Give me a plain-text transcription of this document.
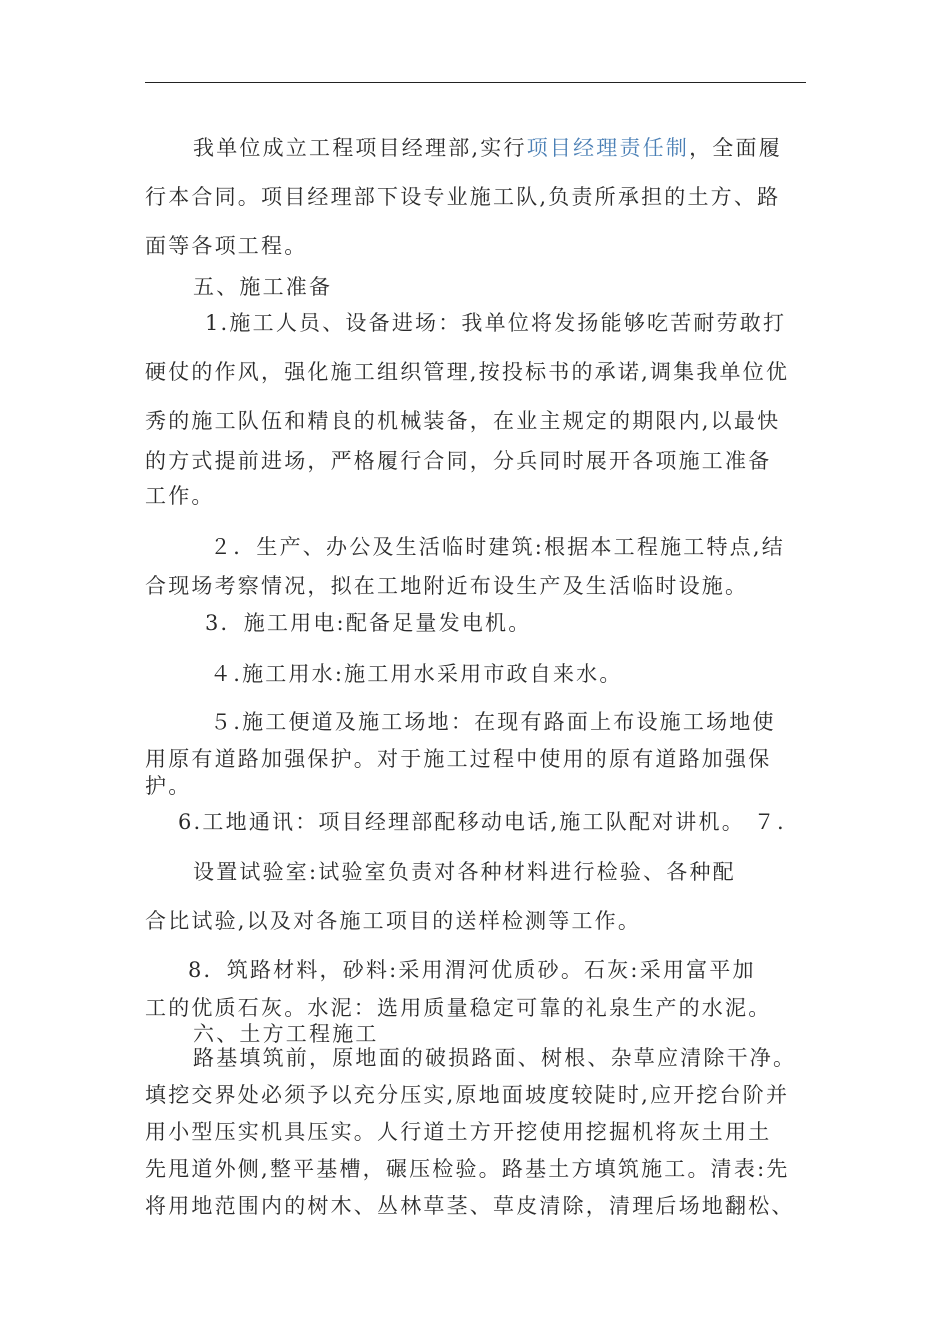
我单位成立工程项目经理部,实行项目经理责任制，全面履
行本合同。项目经理部下设专业施工队,负责所承担的土方、路
面等各项工程。
五、施工准备
1.施工人员、设备进场：我单位将发扬能够吃苦耐劳敢打
硬仗的作风，强化施工组织管理,按投标书的承诺,调集我单位优
秀的施工队伍和精良的机械装备，在业主规定的期限内,以最快
的方式提前进场，严格履行合同，分兵同时展开各项施工准备
工作。
２．生产、办公及生活临时建筑:根据本工程施工特点,结
合现场考察情况，拟在工地附近布设生产及生活临时设施。
3．施工用电:配备足量发电机。
４.施工用水:施工用水采用市政自来水。
５.施工便道及施工场地：在现有路面上布设施工场地使
用原有道路加强保护。对于施工过程中使用的原有道路加强保
护。
6.工地通讯：项目经理部配移动电话,施工队配对讲机。 ７.
设置试验室:试验室负责对各种材料进行检验、各种配
合比试验,以及对各施工项目的送样检测等工作。
8．筑路材料，砂料:采用渭河优质砂。石灰:采用富平加
工的优质石灰。水泥：选用质量稳定可靠的礼泉生产的水泥。
六、土方工程施工
路基填筑前，原地面的破损路面、树根、杂草应清除干净。
填挖交界处必须予以充分压实,原地面坡度较陡时,应开挖台阶并
用小型压实机具压实。人行道土方开挖使用挖掘机将灰土用土
先甩道外侧,整平基槽，碾压检验。路基土方填筑施工。清表:先
将用地范围内的树木、丛林草茎、草皮清除，清理后场地翻松、
